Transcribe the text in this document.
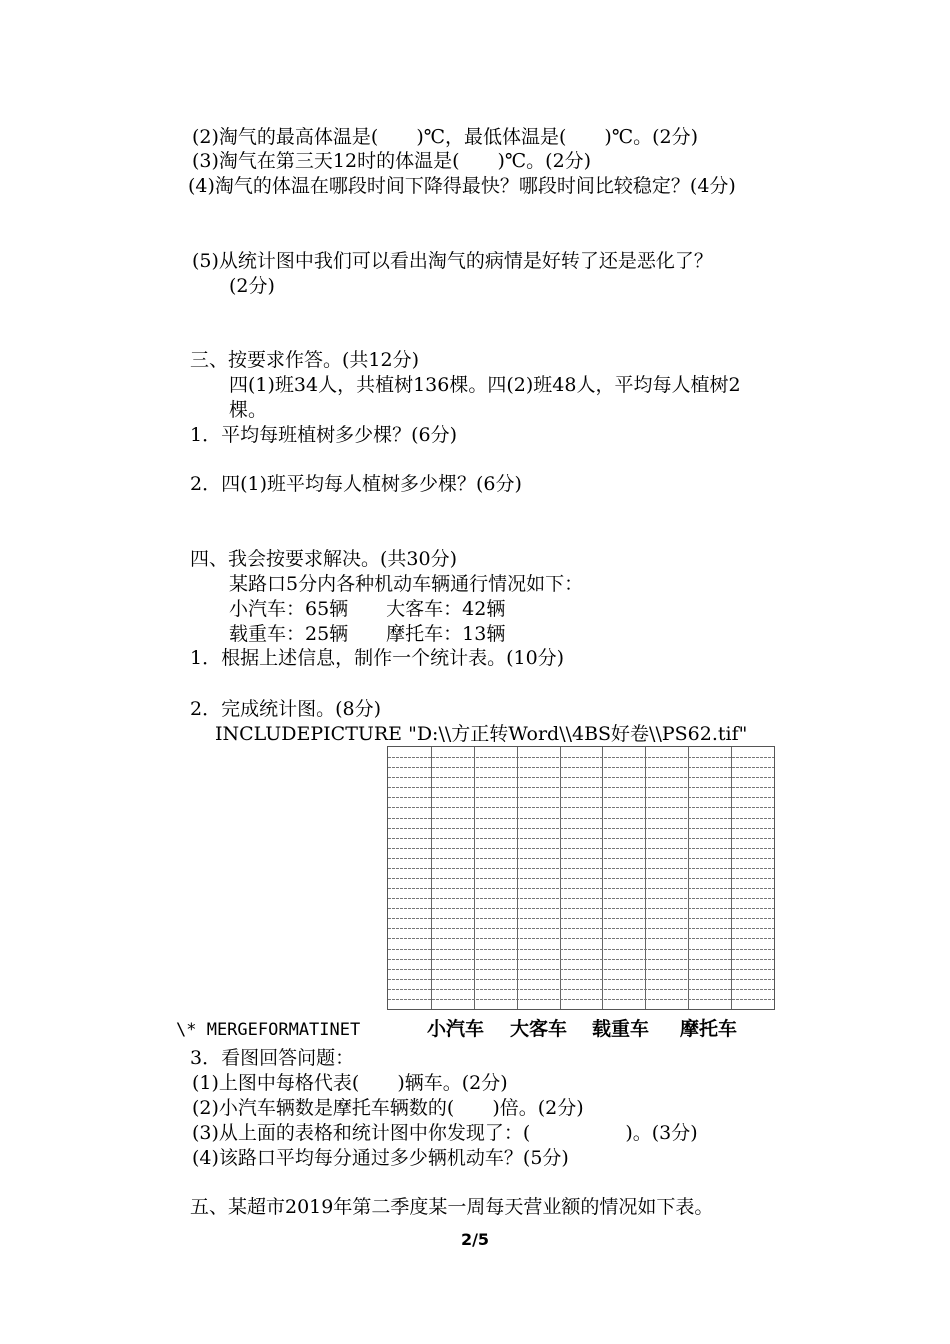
(2)淘气的最高体温是(　　)℃，最低体温是(　　)℃。(2分)
(3)淘气在第三天12时的体温是(　　)℃。(2分)
(4)淘气的体温在哪段时间下降得最快？哪段时间比较稳定？(4分)
(5)从统计图中我们可以看出淘气的病情是好转了还是恶化了？
(2分)
三、按要求作答。(共12分)
四(1)班34人，共植树136棵。四(2)班48人，平均每人植树2
棵。
1．平均每班植树多少棵？(6分)
2．四(1)班平均每人植树多少棵？(6分)
四、我会按要求解决。(共30分)
某路口5分内各种机动车辆通行情况如下：
小汽车：65辆　　大客车：42辆
载重车：25辆　　摩托车：13辆
1．根据上述信息，制作一个统计表。(10分)
2．完成统计图。(8分)
INCLUDEPICTURE "D:\\方正转Word\\4BS好卷\\PS62.tif"
\* MERGEFORMATINET	小汽车 大客车 载重车 摩托车
3．看图回答问题：
(1)上图中每格代表(　　)辆车。(2分)
(2)小汽车辆数是摩托车辆数的(　　)倍。(2分)
(3)从上面的表格和统计图中你发现了：(　　　　　)。(3分)
(4)该路口平均每分通过多少辆机动车？(5分)
五、某超市2019年第二季度某一周每天营业额的情况如下表。
2/5
